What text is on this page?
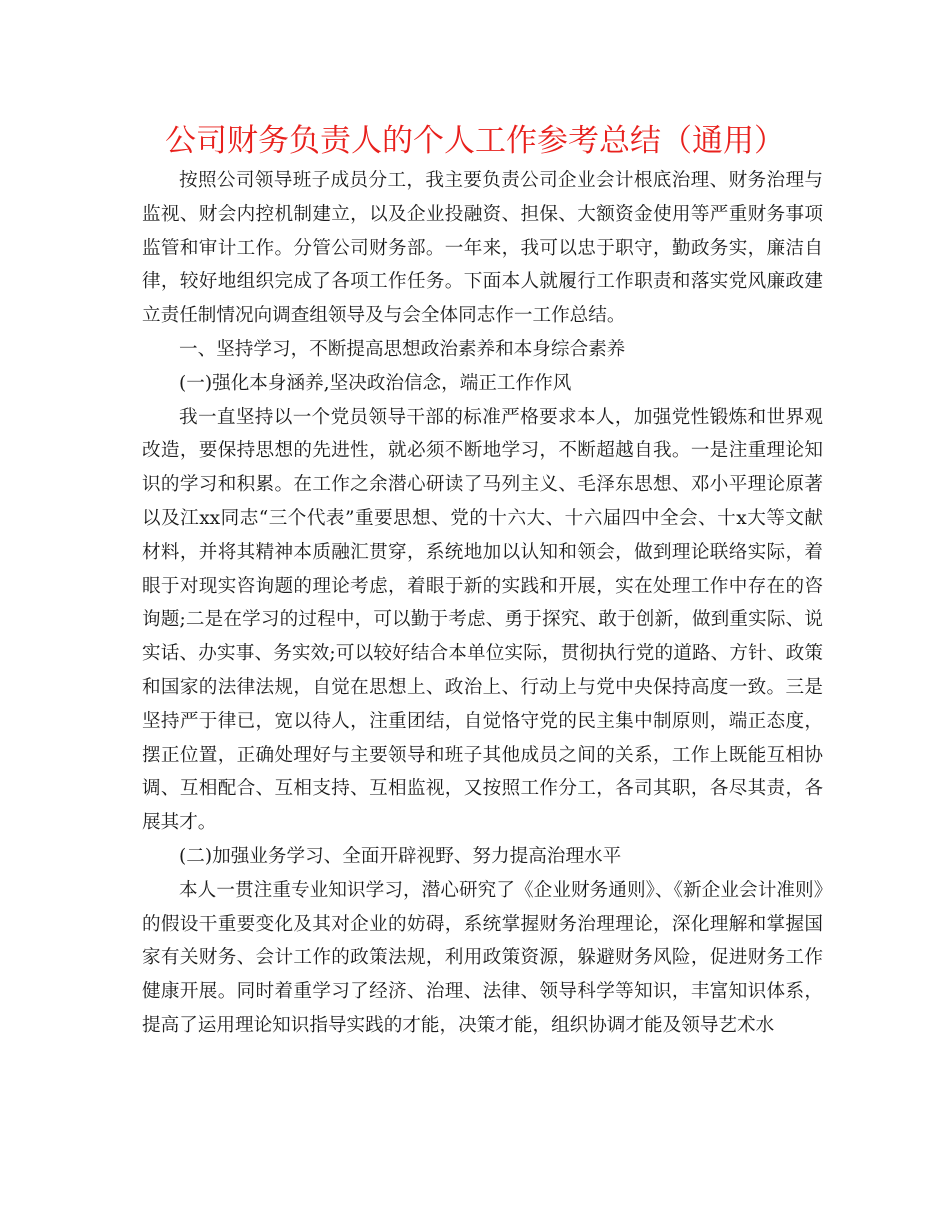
公司财务负责人的个人工作参考总结（通用）

按照公司领导班子成员分工，我主要负责公司企业会计根底治理、财务治理与监视、财会内控机制建立，以及企业投融资、担保、大额资金使用等严重财务事项监管和审计工作。分管公司财务部。一年来，我可以忠于职守，勤政务实，廉洁自律，较好地组织完成了各项工作任务。下面本人就履行工作职责和落实党风廉政建立责任制情况向调查组领导及与会全体同志作一工作总结。

一、坚持学习，不断提高思想政治素养和本身综合素养

(一)强化本身涵养,坚决政治信念，端正工作作风

我一直坚持以一个党员领导干部的标准严格要求本人，加强党性锻炼和世界观改造，要保持思想的先进性，就必须不断地学习，不断超越自我。一是注重理论知识的学习和积累。在工作之余潜心研读了马列主义、毛泽东思想、邓小平理论原著以及江xx同志“三个代表”重要思想、党的十六大、十六届四中全会、十x大等文献材料，并将其精神本质融汇贯穿，系统地加以认知和领会，做到理论联络实际，着眼于对现实咨询题的理论考虑，着眼于新的实践和开展，实在处理工作中存在的咨询题;二是在学习的过程中，可以勤于考虑、勇于探究、敢于创新，做到重实际、说实话、办实事、务实效;可以较好结合本单位实际，贯彻执行党的道路、方针、政策和国家的法律法规，自觉在思想上、政治上、行动上与党中央保持高度一致。三是坚持严于律已，宽以待人，注重团结，自觉恪守党的民主集中制原则，端正态度，摆正位置，正确处理好与主要领导和班子其他成员之间的关系，工作上既能互相协调、互相配合、互相支持、互相监视，又按照工作分工，各司其职，各尽其责，各展其才。

(二)加强业务学习、全面开辟视野、努力提高治理水平

本人一贯注重专业知识学习，潜心研究了《企业财务通则》、《新企业会计准则》的假设干重要变化及其对企业的妨碍，系统掌握财务治理理论，深化理解和掌握国家有关财务、会计工作的政策法规，利用政策资源，躲避财务风险，促进财务工作健康开展。同时着重学习了经济、治理、法律、领导科学等知识，丰富知识体系，提高了运用理论知识指导实践的才能，决策才能，组织协调才能及领导艺术水
